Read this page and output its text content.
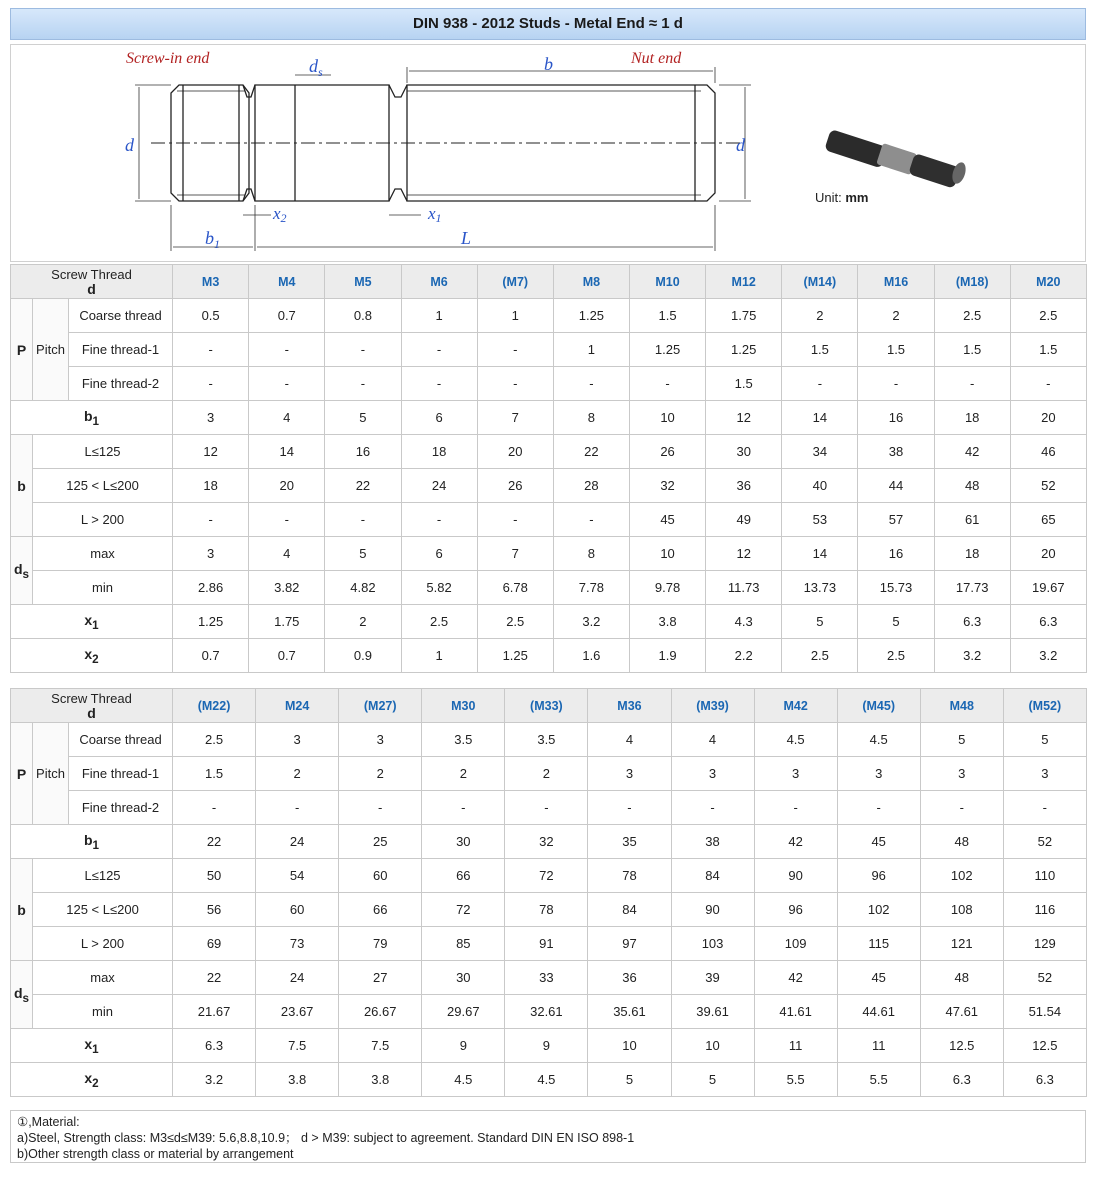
DIN 938 - 2012 Studs - Metal End ≈ 1 d
Screw-in end	Nut end
$d_s$	b
d	d
x2	x1
$b_1$	L
Unit: mm
Screw Thread
d			M3	M4	M5	M6	(M7)	M8	M10	M12	(M14)	M16	(M18)	M20
P	Pitch	Coarse thread	0.5	0.7	0.8	1	1	1.25	1.5	1.75	2	2	2.5	2.5
		Fine thread-1	-	-	-	-	-	1	1.25	1.25	1.5	1.5	1.5	1.5
		Fine thread-2	-	-	-	-	-	-	-	1.5	-	-	-	-
$b_1$			3	4	5	6	7	8	10	12	14	16	18	20
b	L≤125		12	14	16	18	20	22	26	30	34	38	42	46
	125 < L≤200		18	20	22	24	26	28	32	36	40	44	48	52
	L > 200		-	-	-	-	-	-	45	49	53	57	61	65
$d_s$	max		3	4	5	6	7	8	10	12	14	16	18	20
	min		2.86	3.82	4.82	5.82	6.78	7.78	9.78	11.73	13.73	15.73	17.73	19.67
$x_1$			1.25	1.75	2	2.5	2.5	3.2	3.8	4.3	5	5	6.3	6.3
$x_2$			0.7	0.7	0.9	1	1.25	1.6	1.9	2.2	2.5	2.5	3.2	3.2
Screw Thread
d			(M22)	M24	(M27)	M30	(M33)	M36	(M39)	M42	(M45)	M48	(M52)
P	Pitch	Coarse thread	2.5	3	3	3.5	3.5	4	4	4.5	4.5	5	5
		Fine thread-1	1.5	2	2	2	2	3	3	3	3	3	3
		Fine thread-2	-	-	-	-	-	-	-	-	-	-	-
$b_1$			22	24	25	30	32	35	38	42	45	48	52
b	L≤125		50	54	60	66	72	78	84	90	96	102	110
	125 < L≤200		56	60	66	72	78	84	90	96	102	108	116
	L > 200		69	73	79	85	91	97	103	109	115	121	129
$d_s$	max		22	24	27	30	33	36	39	42	45	48	52
	min		21.67	23.67	26.67	29.67	32.61	35.61	39.61	41.61	44.61	47.61	51.54
$x_1$			6.3	7.5	7.5	9	9	10	10	11	11	12.5	12.5
$x_2$			3.2	3.8	3.8	4.5	4.5	5	5	5.5	5.5	6.3	6.3
①,Material:
a)Steel, Strength class: M3≤d≤M39: 5.6,8.8,10.9； d > M39: subject to agreement. Standard DIN EN ISO 898-1
b)Other strength class or material by arrangement
